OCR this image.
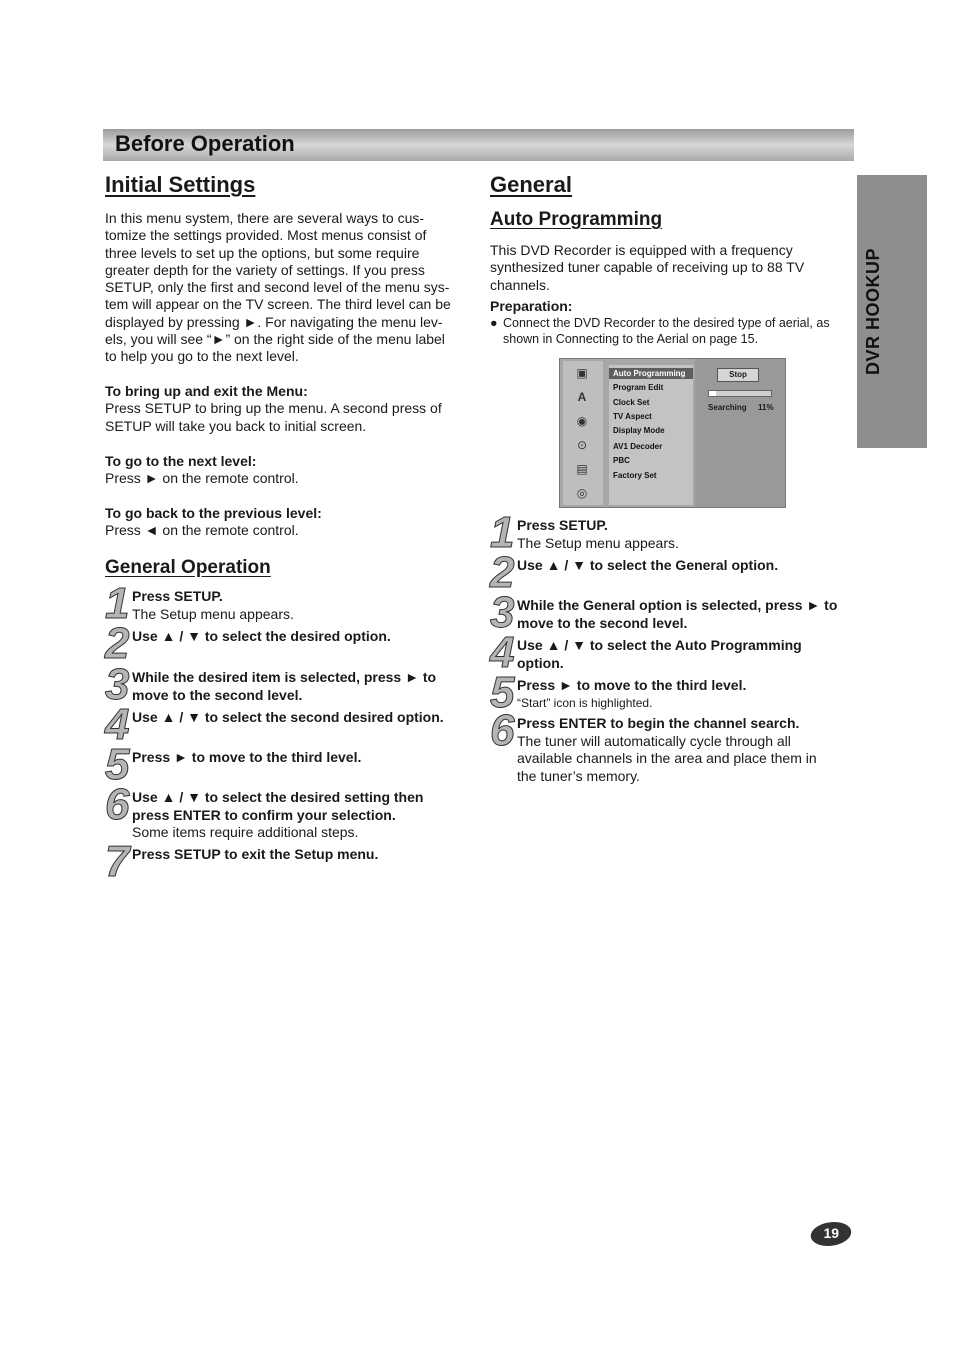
Before Operation
DVR HOOKUP
Initial Settings
In this menu system, there are several ways to cus-
tomize the settings provided. Most menus consist of
three levels to set up the options, but some require
greater depth for the variety of settings. If you press
SETUP, only the first and second level of the menu sys-
tem will appear on the TV screen. The third level can be
displayed by pressing ►. For navigating the menu lev-
els, you will see “►” on the right side of the menu label
to help you go to the next level.
To bring up and exit the Menu:
Press SETUP to bring up the menu. A second press of
SETUP will take you back to initial screen.
To go to the next level:
Press ► on the remote control.
To go back to the previous level:
Press ◄ on the remote control.
General Operation
1 Press SETUP.
The Setup menu appears.
2 Use ▲ / ▼ to select the desired option.
3 While the desired item is selected, press ► to
move to the second level.
4 Use ▲ / ▼ to select the second desired option.
5 Press ► to move to the third level.
6 Use ▲ / ▼ to select the desired setting then
press ENTER to confirm your selection.
Some items require additional steps.
7 Press SETUP to exit the Setup menu.
General
Auto Programming
This DVD Recorder is equipped with a frequency
synthesized tuner capable of receiving up to 88 TV
channels.
Preparation:
● Connect the DVD Recorder to the desired type of aerial, as
shown in Connecting to the Aerial on page 15.
▣
A
◉
⊙
▤
◎
Auto Programming
Program Edit
Clock Set
TV Aspect
Display Mode
AV1 Decoder
PBC
Factory Set
Stop
Searching 11%
1 Press SETUP.
The Setup menu appears.
2 Use ▲ / ▼ to select the General option.
3 While the General option is selected, press ► to
move to the second level.
4 Use ▲ / ▼ to select the Auto Programming
option.
5 Press ► to move to the third level.
“Start” icon is highlighted.
6 Press ENTER to begin the channel search.
The tuner will automatically cycle through all
available channels in the area and place them in
the tuner’s memory.
19
